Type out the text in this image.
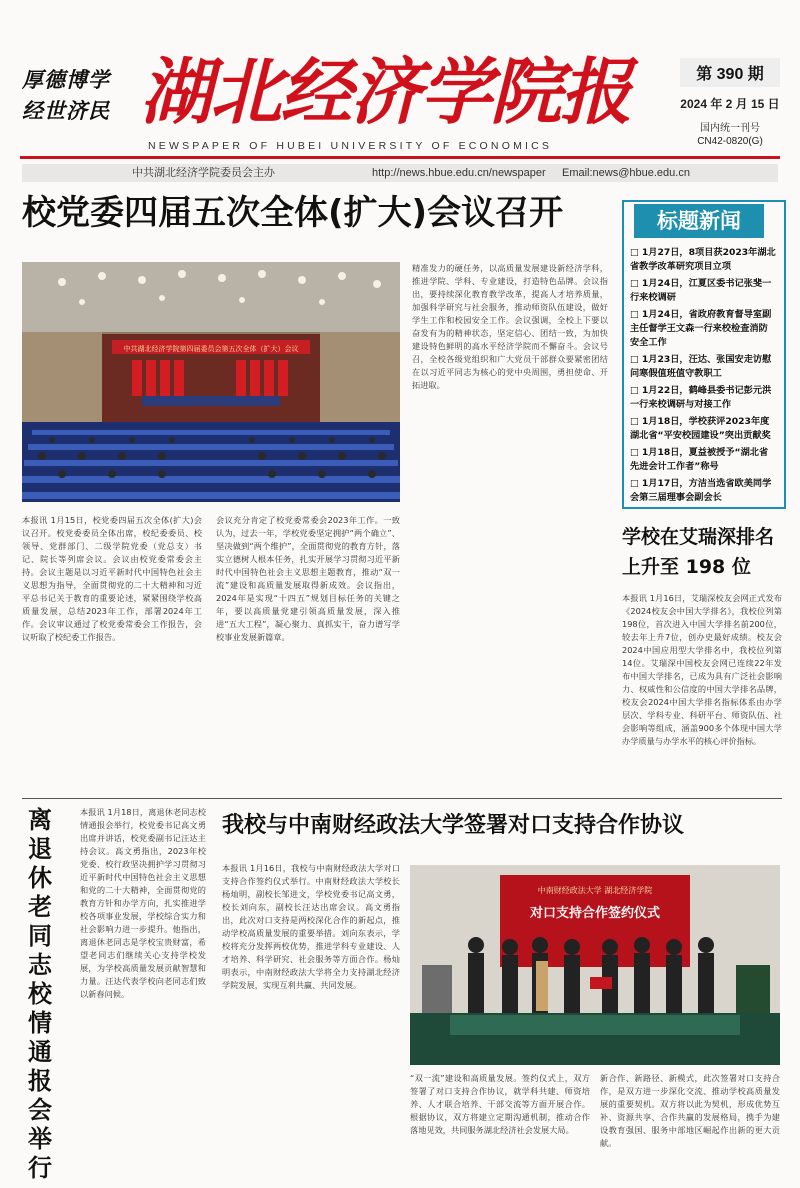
厚德博学
经世济民 湖北经济学院报
NEWSPAPER OF HUBEI UNIVERSITY OF ECONOMICS
第 390 期
2024 年 2 月 15 日
国内统一刊号
CN42-0820(G)
中共湖北经济学院委员会主办	http://news.hbue.edu.cn/newspaper Email:news@hbue.edu.cn
校党委四届五次全体(扩大)会议召开
中共湖北经济学院第四届委员会第五次全体（扩大）会议
本报讯 1月15日，校党委四届五次全体(扩大)会议召开。校党委委员全体出席，校纪委委员、校领导、党群部门、二级学院党委（党总支）书记、院长等列席会议。会议由校党委常委会主持。会议主题是以习近平新时代中国特色社会主义思想为指导，全面贯彻党的二十大精神和习近平总书记关于教育的重要论述，紧紧围绕学校高质量发展，总结2023年工作，部署2024年工作。会议审议通过了校党委常委会工作报告，会议听取了校纪委工作报告。
会议充分肯定了校党委常委会2023年工作。一致认为，过去一年，学校党委坚定拥护“两个确立”、坚决做到“两个维护”，全面贯彻党的教育方针，落实立德树人根本任务，扎实开展学习贯彻习近平新时代中国特色社会主义思想主题教育，推动“双一流”建设和高质量发展取得新成效。会议指出，2024年是实现“十四五”规划目标任务的关键之年，要以高质量党建引领高质量发展，深入推进“五大工程”，凝心聚力、真抓实干，奋力谱写学校事业发展新篇章。
精准发力的硬任务，以高质量发展建设新经济学科，推进学院、学科、专业建设，打造特色品牌。会议指出，要持续深化教育教学改革，提高人才培养质量，加强科学研究与社会服务，推动师资队伍建设，做好学生工作和校园安全工作。会议强调，全校上下要以奋发有为的精神状态，坚定信心、团结一致，为加快建设特色鲜明的高水平经济学院而不懈奋斗。会议号召，全校各级党组织和广大党员干部群众要紧密团结在以习近平同志为核心的党中央周围，勇担使命、开拓进取。
标题新闻
□ 1月27日，8项目获2023年湖北省教学改革研究项目立项
□ 1月24日，江夏区委书记张斐一行来校调研
□ 1月24日，省政府教育督导室副主任督学王文森一行来校检查消防安全工作
□ 1月23日，汪达、张国安走访慰问寒假值班值守教职工
□ 1月22日，鹤峰县委书记彭元洪一行来校调研与对接工作
□ 1月18日，学校获评2023年度湖北省“平安校园建设”突出贡献奖
□ 1月18日，夏益被授予“湖北省先进会计工作者”称号
□ 1月17日，方洁当选省欧美同学会第三届理事会副会长
学校在艾瑞深排名上升至 198 位
本报讯 1月16日，艾瑞深校友会网正式发布《2024校友会中国大学排名》，我校位列第198位，首次进入中国大学排名前200位，较去年上升7位，创办史最好成绩。校友会2024中国应用型大学排名中，我校位列第14位。艾瑞深中国校友会网已连续22年发布中国大学排名，已成为具有广泛社会影响力、权威性和公信度的中国大学排名品牌，校友会2024中国大学排名指标体系由办学层次、学科专业、科研平台、师资队伍、社会影响等组成，涵盖900多个体现中国大学办学质量与办学水平的核心评价指标。
离退休老同志校情通报会举行
本报讯 1月18日，离退休老同志校情通报会举行，校党委书记高文勇出席并讲话，校党委副书记汪达主持会议。高文勇指出，2023年校党委、校行政坚决拥护学习贯彻习近平新时代中国特色社会主义思想和党的二十大精神，全面贯彻党的教育方针和办学方向，扎实推进学校各项事业发展，学校综合实力和社会影响力进一步提升。他指出，离退休老同志是学校宝贵财富，希望老同志们继续关心支持学校发展，为学校高质量发展贡献智慧和力量。汪达代表学校向老同志们致以新春问候。
我校与中南财经政法大学签署对口支持合作协议
本报讯 1月16日，我校与中南财经政法大学对口支持合作签约仪式举行。中南财经政法大学校长杨灿明，副校长邹进文，学校党委书记高文勇，校长刘向东，副校长汪达出席会议。高文勇指出，此次对口支持是两校深化合作的新起点，推动学校高质量发展的重要举措。刘向东表示，学校将充分发挥两校优势，推进学科专业建设、人才培养、科学研究、社会服务等方面合作。杨灿明表示，中南财经政法大学将全力支持湖北经济学院发展，实现互利共赢、共同发展。
中南财经政法大学 湖北经济学院
对口支持合作签约仪式
“双一流”建设和高质量发展。签约仪式上，双方签署了对口支持合作协议，就学科共建、师资培养、人才联合培养、干部交流等方面开展合作。根据协议，双方将建立定期沟通机制，推动合作落地见效，共同服务湖北经济社会发展大局。
新合作、新路径、新模式，此次签署对口支持合作，是双方进一步深化交流、推动学校高质量发展的重要契机。双方将以此为契机，形成优势互补、资源共享、合作共赢的发展格局，携手为建设教育强国、服务中部地区崛起作出新的更大贡献。
